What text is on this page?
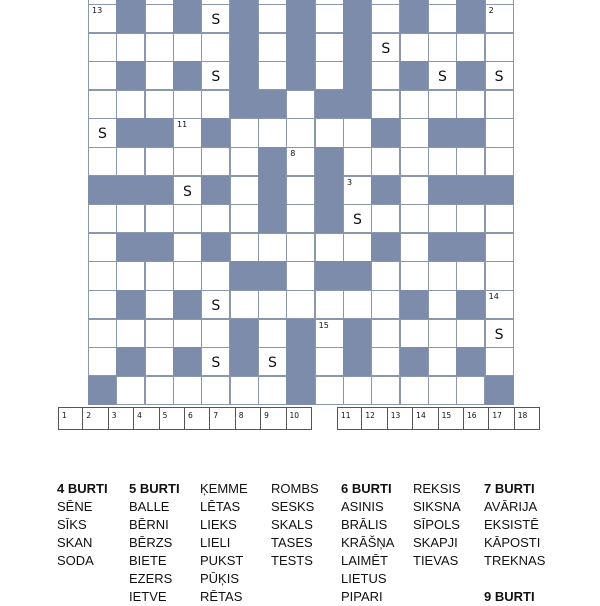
13
S
2
S
S	S	S
S
11
8
S
3
S
S
14
15
S
S	S
1	2	3	4	5	6	7	8	9	10	11 12 13 14 15 16 17 18
4 BURTI
SĒNE
SĪKS
SKAN
SODA
5 BURTI
BALLE
BĒRNI
BĒRZS
BIETE
EZERS
IETVE
ĶEMME
LĒTAS
LIEKS
LIELI
PUKST
PŪĶIS
RĒTAS
ROMBS
SESKS
SKALS
TASES
TESTS
6 BURTI
ASINIS
BRĀLIS
KRĀŠŅA
LAIMĒT
LIETUS
PIPARI
REKSIS
SIKSNA
SĪPOLS
SKAPJI
TIEVAS
7 BURTI
AVĀRIJA
EKSISTĒ
KĀPOSTI
TREKNAS
9 BURTI
